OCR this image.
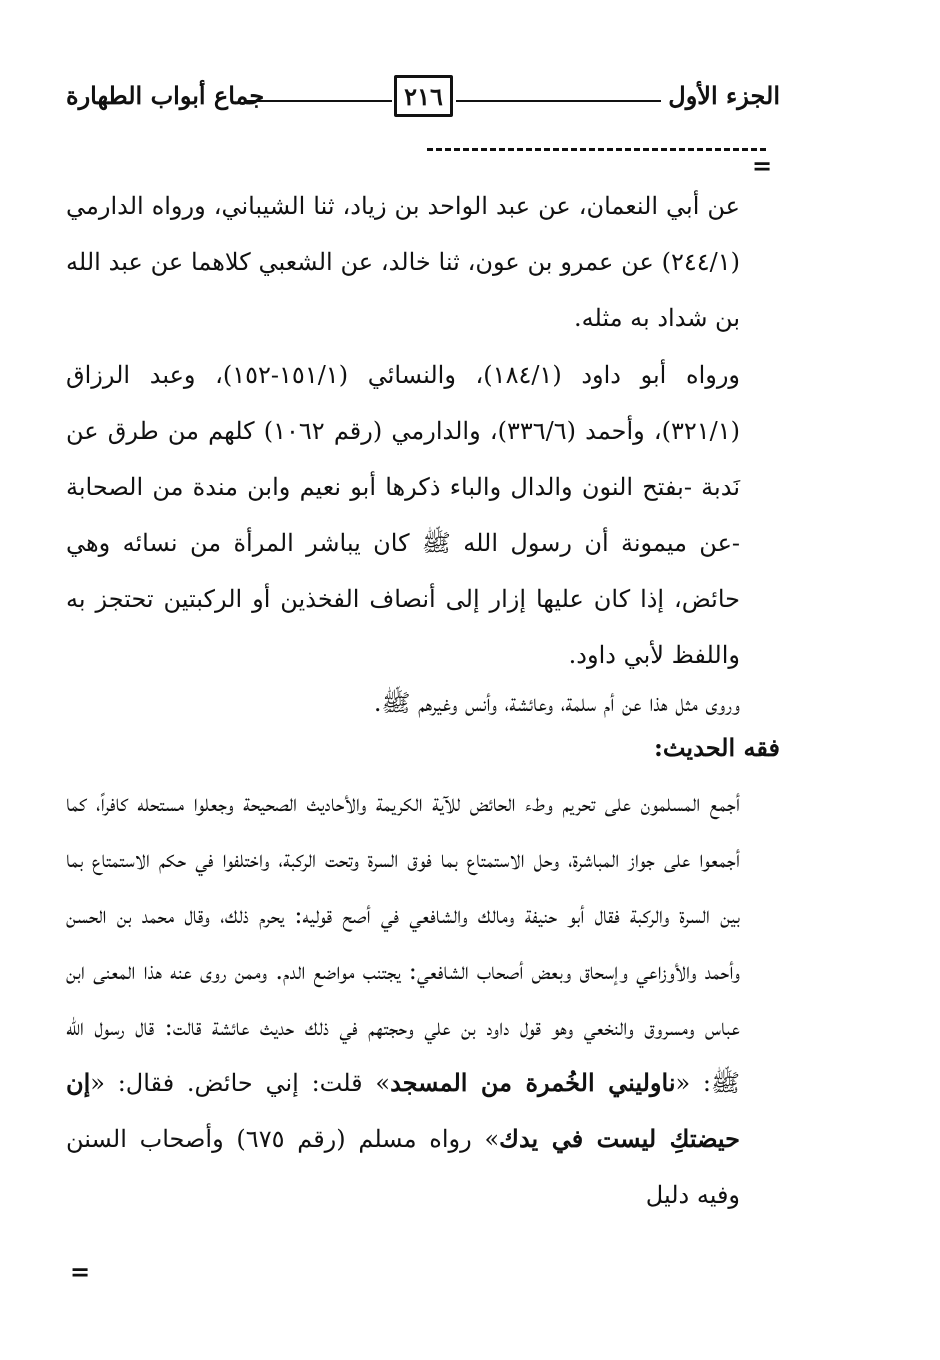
الجزء الأول
٢١٦
جماع أبواب الطهارة
=

عن أبي النعمان، عن عبد الواحد بن زياد، ثنا الشيباني، ورواه الدارمي (٢٤٤/١) عن عمرو بن عون، ثنا خالد، عن الشعبي كلاهما عن عبد الله بن شداد به مثله.

ورواه أبو داود (١٨٤/١)، والنسائي (١٥١/١-١٥٢)، وعبد الرزاق (٣٢١/١)، وأحمد (٣٣٦/٦)، والدارمي (رقم ١٠٦٢) كلهم من طرق عن نَدبة -بفتح النون والدال والباء ذكرها أبو نعيم وابن مندة من الصحابة -عن ميمونة أن رسول الله ﷺ كان يباشر المرأة من نسائه وهي حائض، إذا كان عليها إزار إلى أنصاف الفخذين أو الركبتين تحتجز به واللفظ لأبي داود.

وروى مثل هذا عن أم سلمة، وعائشة، وأنس وغيرهم ﷺ.

فقه الحديث:

أجمع المسلمون على تحريم وطء الحائض للآية الكريمة والأحاديث الصحيحة وجعلوا مستحله كافراً، كما أجمعوا على جواز المباشرة، وحل الاستمتاع بما فوق السرة وتحت الركبة، واختلفوا في حكم الاستمتاع بما بين السرة والركبة فقال أبو حنيفة ومالك والشافعي في أصح قوليه: يحرم ذلك، وقال محمد بن الحسن وأحمد والأوزاعي وإسحاق وبعض أصحاب الشافعي: يجتنب مواضع الدم. وممن روى عنه هذا المعنى ابن عباس ومسروق والنخعي وهو قول داود بن علي وحجتهم في ذلك حديث عائشة قالت: قال رسول الله ﷺ: «ناوليني الخُمرة من المسجد» قلت: إني حائض. فقال: «إن حيضتكِ ليست في يدك» رواه مسلم (رقم ٦٧٥) وأصحاب السنن وفيه دليل

=
